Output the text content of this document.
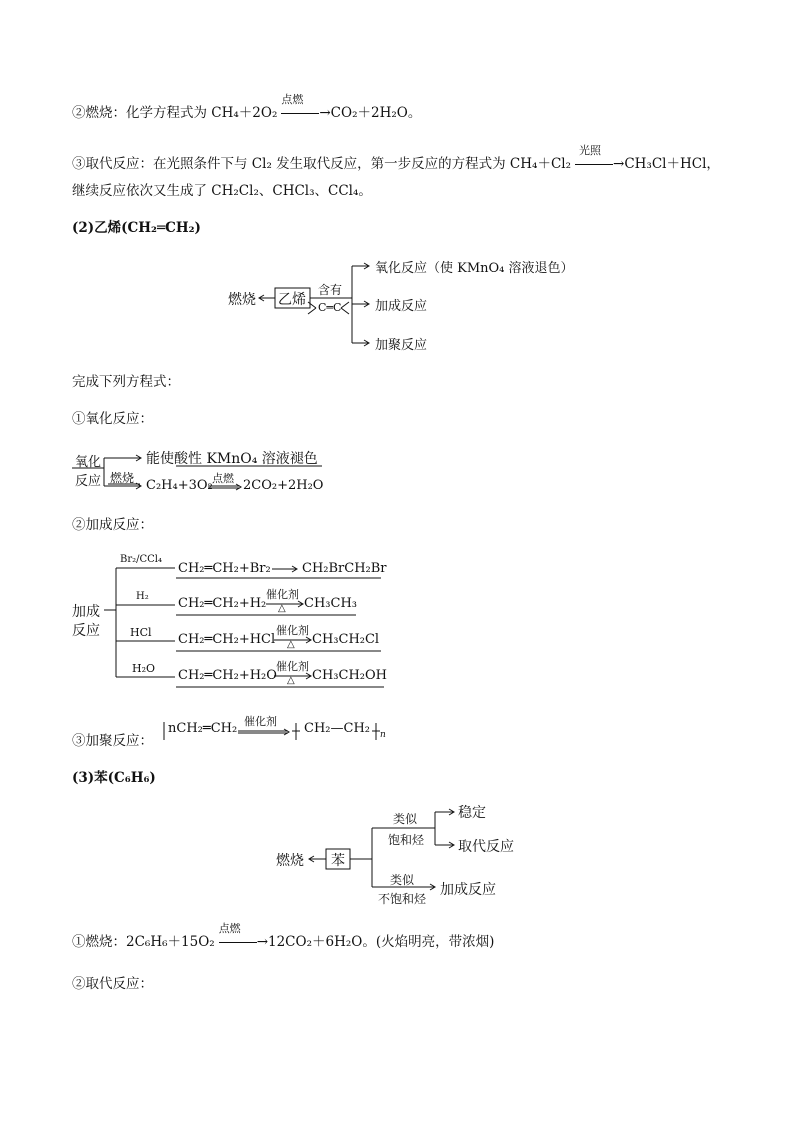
②燃烧：化学方程式为 CH₄＋2O₂
点燃
→CO₂＋2H₂O。
③取代反应：在光照条件下与 Cl₂ 发生取代反应，第一步反应的方程式为 CH₄＋Cl₂
光照
→CH₃Cl＋HCl，
继续反应依次又生成了 CH₂Cl₂、CHCl₃、CCl₄。
(2)乙烯(CH₂═CH₂)
燃烧 乙烯
含有
C═C
氧化反应（使 KMnO₄ 溶液退色）
加成反应
加聚反应
完成下列方程式：
①氧化反应：
氧化
反应
能使酸性 KMnO₄ 溶液褪色
燃烧 C₂H₄+3O₂ 点燃 2CO₂+2H₂O
②加成反应：
加成
反应
Br₂/CCl₄
CH₂═CH₂+Br₂ CH₂BrCH₂Br
H₂ CH₂═CH₂+H₂
催化剂
△ CH₃CH₃
HCl CH₂═CH₂+HCl
催化剂
△ CH₃CH₂Cl
H₂O CH₂═CH₂+H₂O
催化剂
△ CH₃CH₂OH
③加聚反应：
nCH₂═CH₂ 催化剂 CH₂—CH₂ n
(3)苯(C₆H₆)
燃烧 苯
类似
饱和烃
稳定
取代反应
类似
不饱和烃
加成反应
①燃烧：2C₆H₆＋15O₂
点燃
→12CO₂＋6H₂O。(火焰明亮，带浓烟)
②取代反应：
